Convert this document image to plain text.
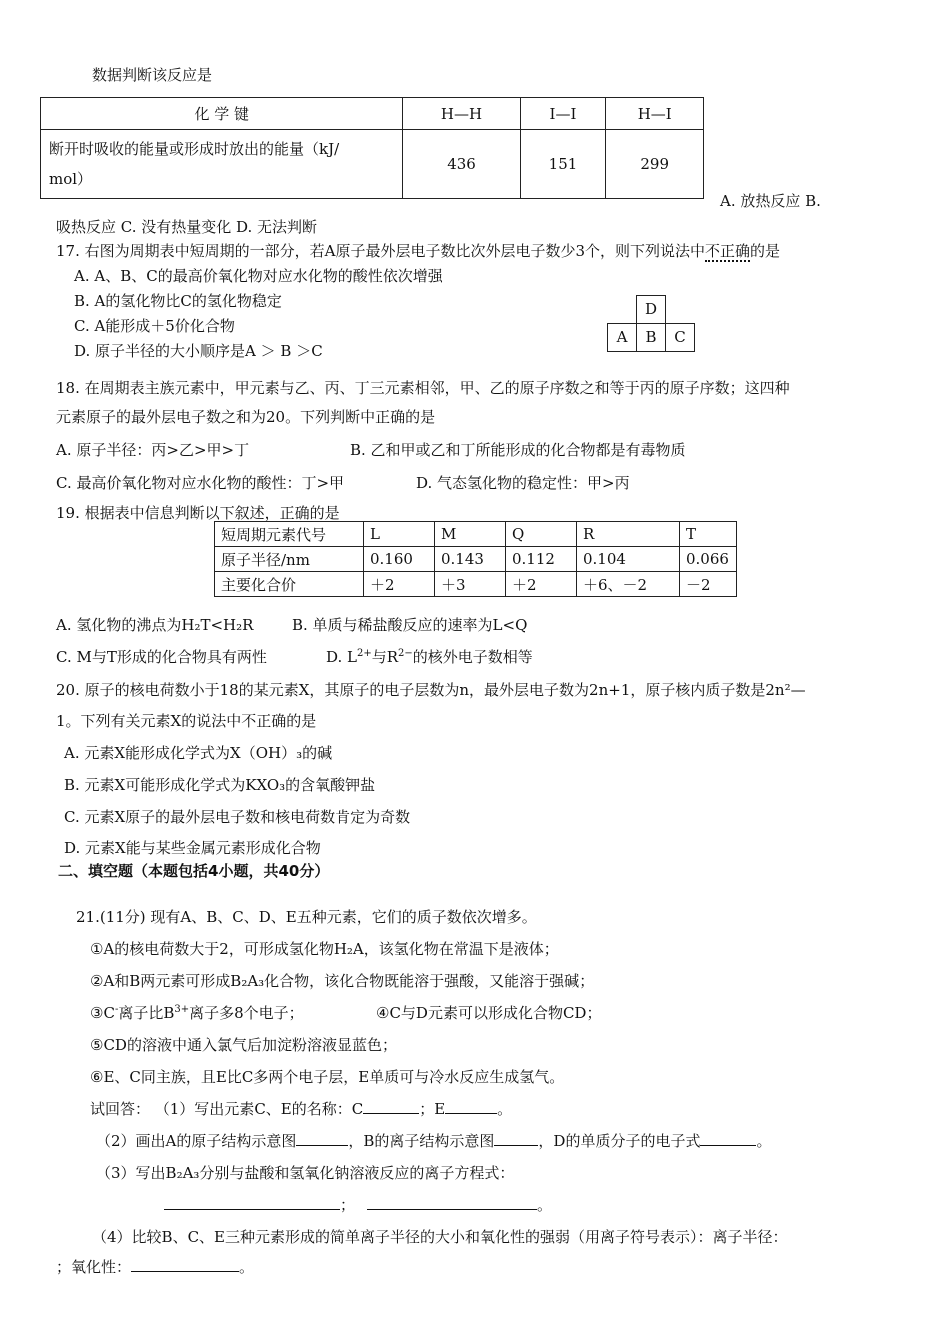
数据判断该反应是
化 学 键	H—H	I—I	H—I

断开时吸收的能量或形成时放出的能量（kJ/
mol）	436	151	299
A. 放热反应 B.
吸热反应 C. 没有热量变化 D. 无法判断
17. 右图为周期表中短周期的一部分，若A原子最外层电子数比次外层电子数少3个，则下列说法中不正确的是
A. A、B、C的最高价氧化物对应水化物的酸性依次增强
B. A的氢化物比C的氢化物稳定
C. A能形成＋5价化合物
D. 原子半径的大小顺序是A ＞ B ＞C
D
A	B	C
18. 在周期表主族元素中，甲元素与乙、丙、丁三元素相邻，甲、乙的原子序数之和等于丙的原子序数；这四种
元素原子的最外层电子数之和为20。下列判断中正确的是
A. 原子半径：丙>乙>甲>丁	B. 乙和甲或乙和丁所能形成的化合物都是有毒物质
C. 最高价氧化物对应水化物的酸性：丁>甲	D. 气态氢化物的稳定性：甲>丙
19. 根据表中信息判断以下叙述，正确的是
短周期元素代号	L	M	Q	R	T
原子半径/nm	0.160	0.143	0.112	0.104	0.066
主要化合价	＋2	＋3	＋2	＋6、－2	－2
A. 氢化物的沸点为H₂T<H₂R	B. 单质与稀盐酸反应的速率为L<Q
C. M与T形成的化合物具有两性	D. $L^{2+}$与$R^{2-}$的核外电子数相等
20. 原子的核电荷数小于18的某元素X，其原子的电子层数为n，最外层电子数为2n+1，原子核内质子数是2n²—
1。下列有关元素X的说法中不正确的是
A. 元素X能形成化学式为X（OH）₃的碱
B. 元素X可能形成化学式为KXO₃的含氧酸钾盐
C. 元素X原子的最外层电子数和核电荷数肯定为奇数
D. 元素X能与某些金属元素形成化合物
二、填空题（本题包括4小题，共40分）
21.(11分) 现有A、B、C、D、E五种元素，它们的质子数依次增多。
①A的核电荷数大于2，可形成氢化物H₂A，该氢化物在常温下是液体；
②A和B两元素可形成B₂A₃化合物，该化合物既能溶于强酸，又能溶于强碱；
③C-离子比$B^{3+}$离子多8个电子；	④C与D元素可以形成化合物CD；
⑤CD的溶液中通入氯气后加淀粉溶液显蓝色；
⑥E、C同主族，且E比C多两个电子层，E单质可与冷水反应生成氢气。
试回答： （1）写出元素C、E的名称：C	；E	。
（2）画出A的原子结构示意图	，B的离子结构示意图	，D的单质分子的电子式	。
（3）写出B₂A₃分别与盐酸和氢氧化钠溶液反应的离子方程式：
；	。
（4）比较B、C、E三种元素形成的简单离子半径的大小和氧化性的强弱（用离子符号表示）：离子半径：
；氧化性：	。
